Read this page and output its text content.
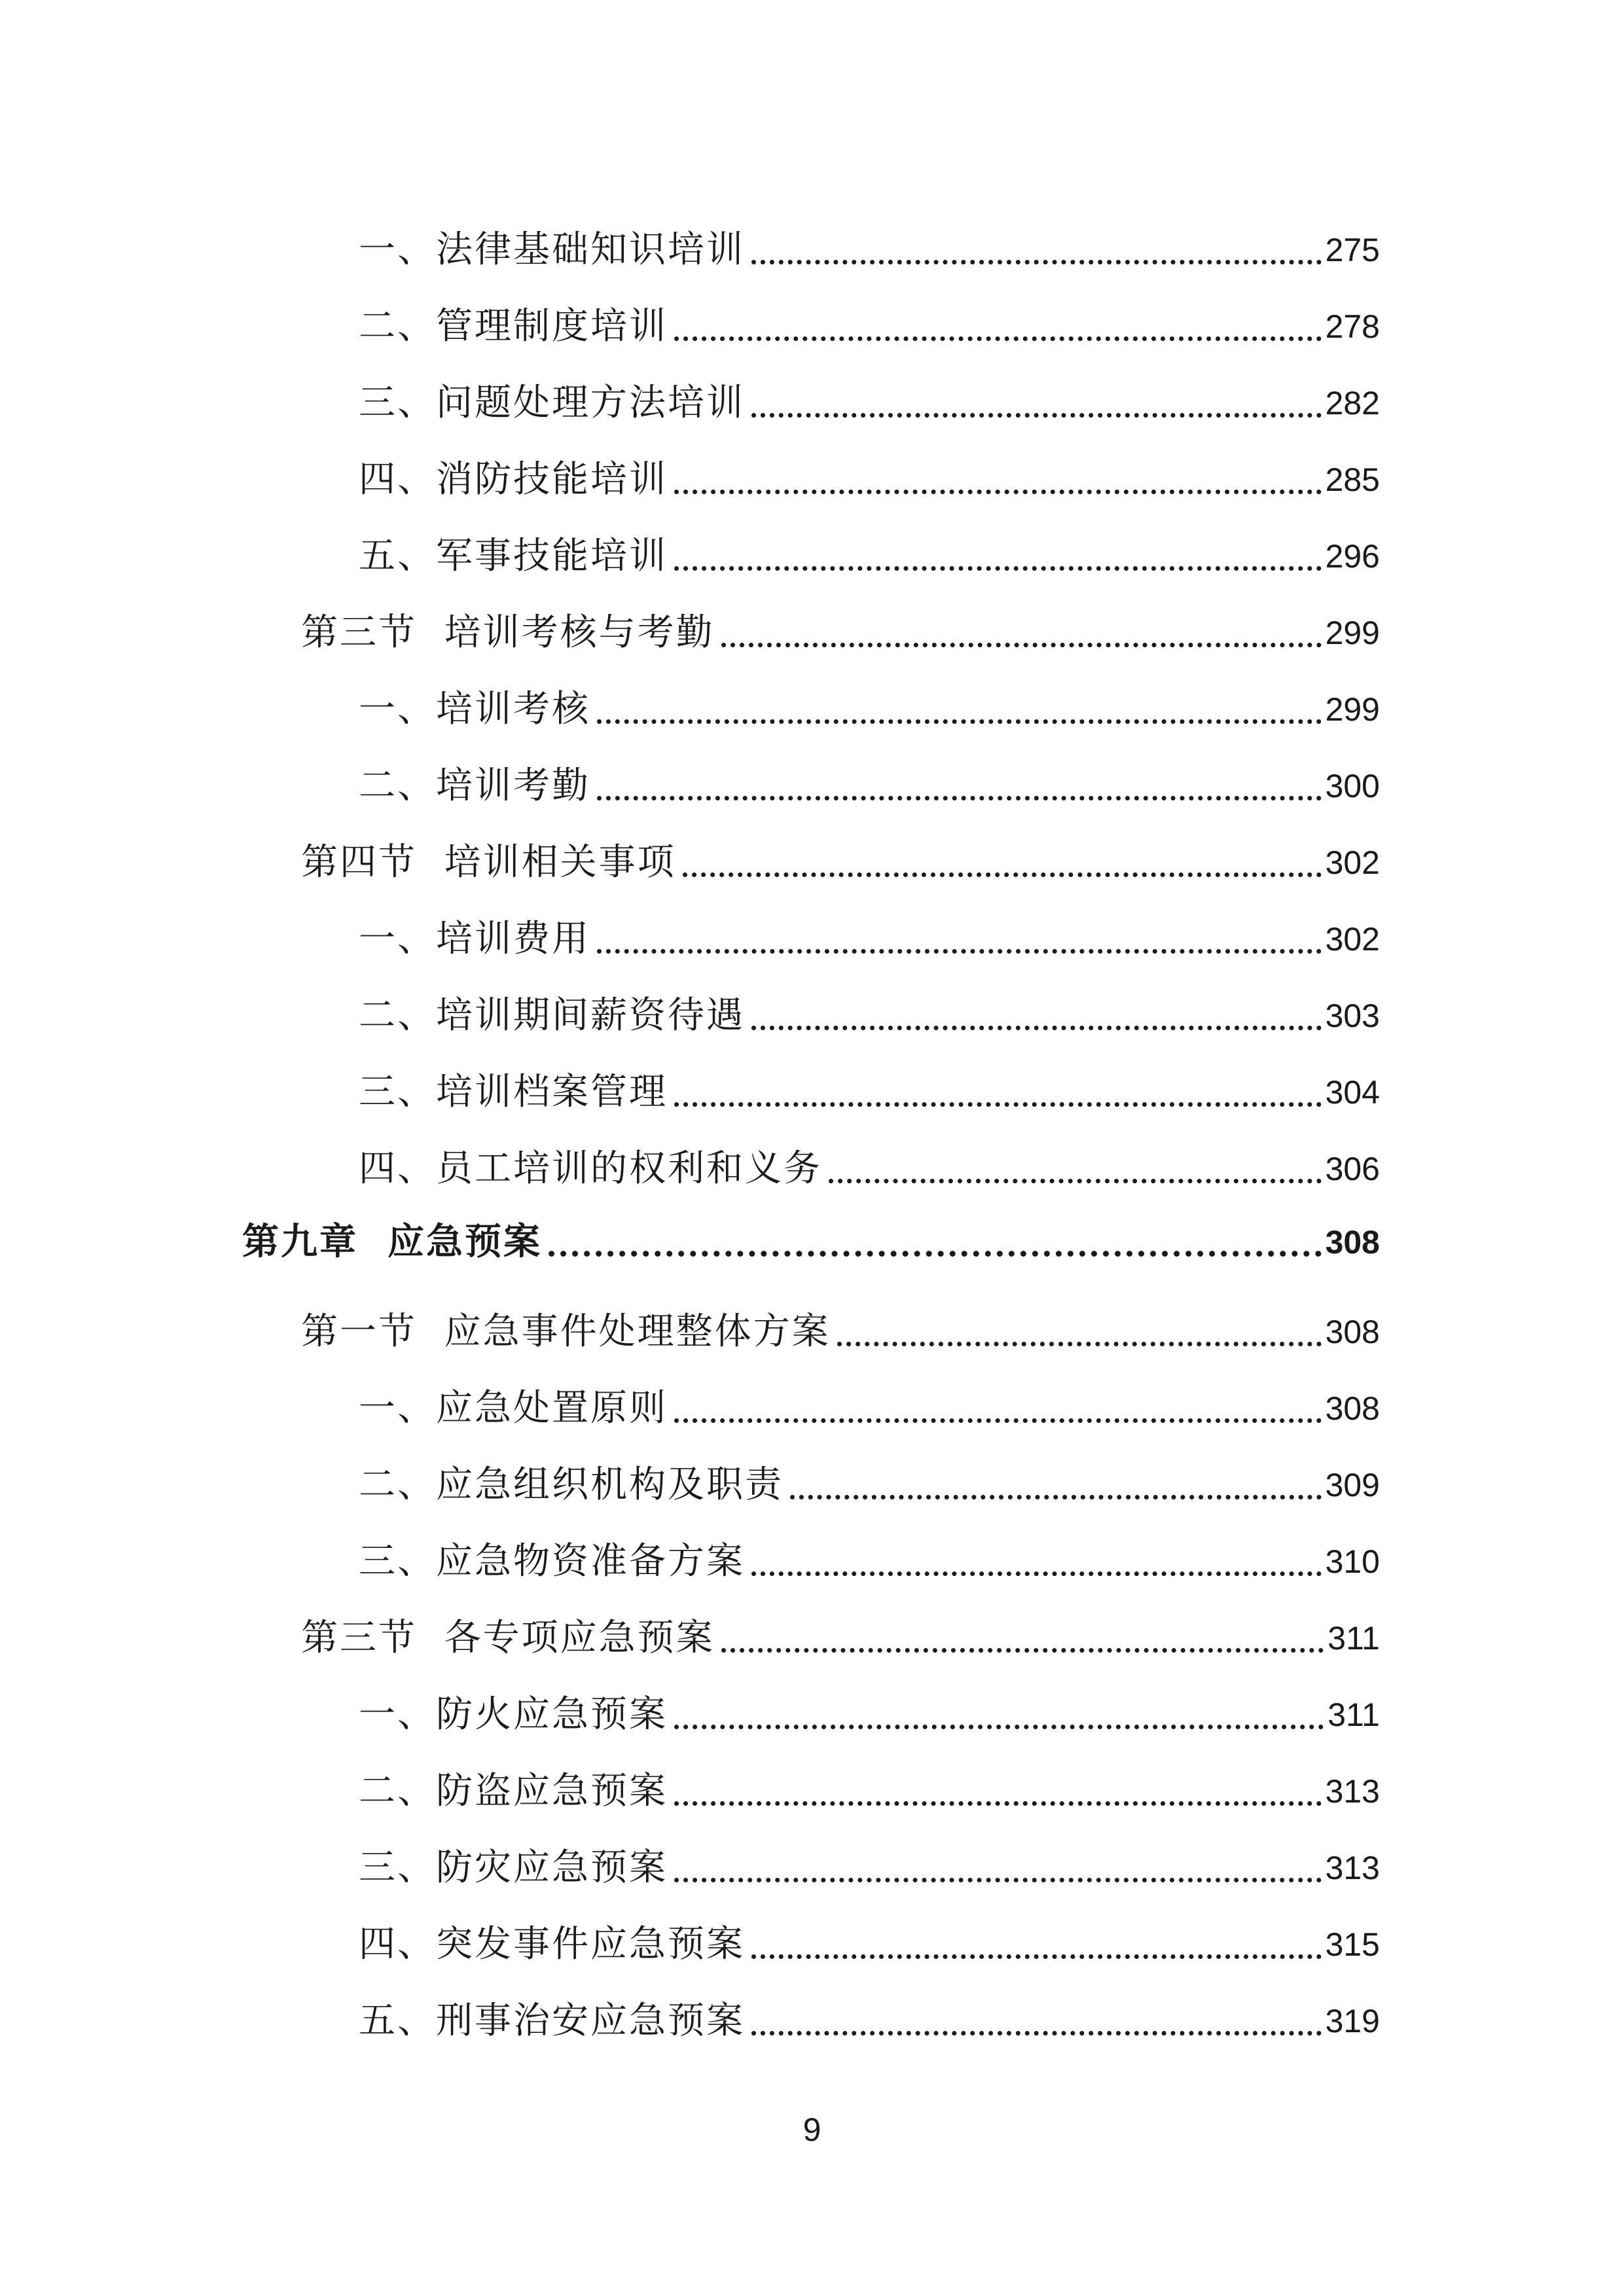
一、法律基础知识培训	275
二、管理制度培训	278
三、问题处理方法培训	282
四、消防技能培训	285
五、军事技能培训	296
第三节  培训考核与考勤	299
一、培训考核	299
二、培训考勤	300
第四节  培训相关事项	302
一、培训费用	302
二、培训期间薪资待遇	303
三、培训档案管理	304
四、员工培训的权利和义务	306
第九章  应急预案	308
第一节  应急事件处理整体方案	308
一、应急处置原则	308
二、应急组织机构及职责	309
三、应急物资准备方案	310
第三节  各专项应急预案	311
一、防火应急预案	311
二、防盗应急预案	313
三、防灾应急预案	313
四、突发事件应急预案	315
五、刑事治安应急预案	319
9
